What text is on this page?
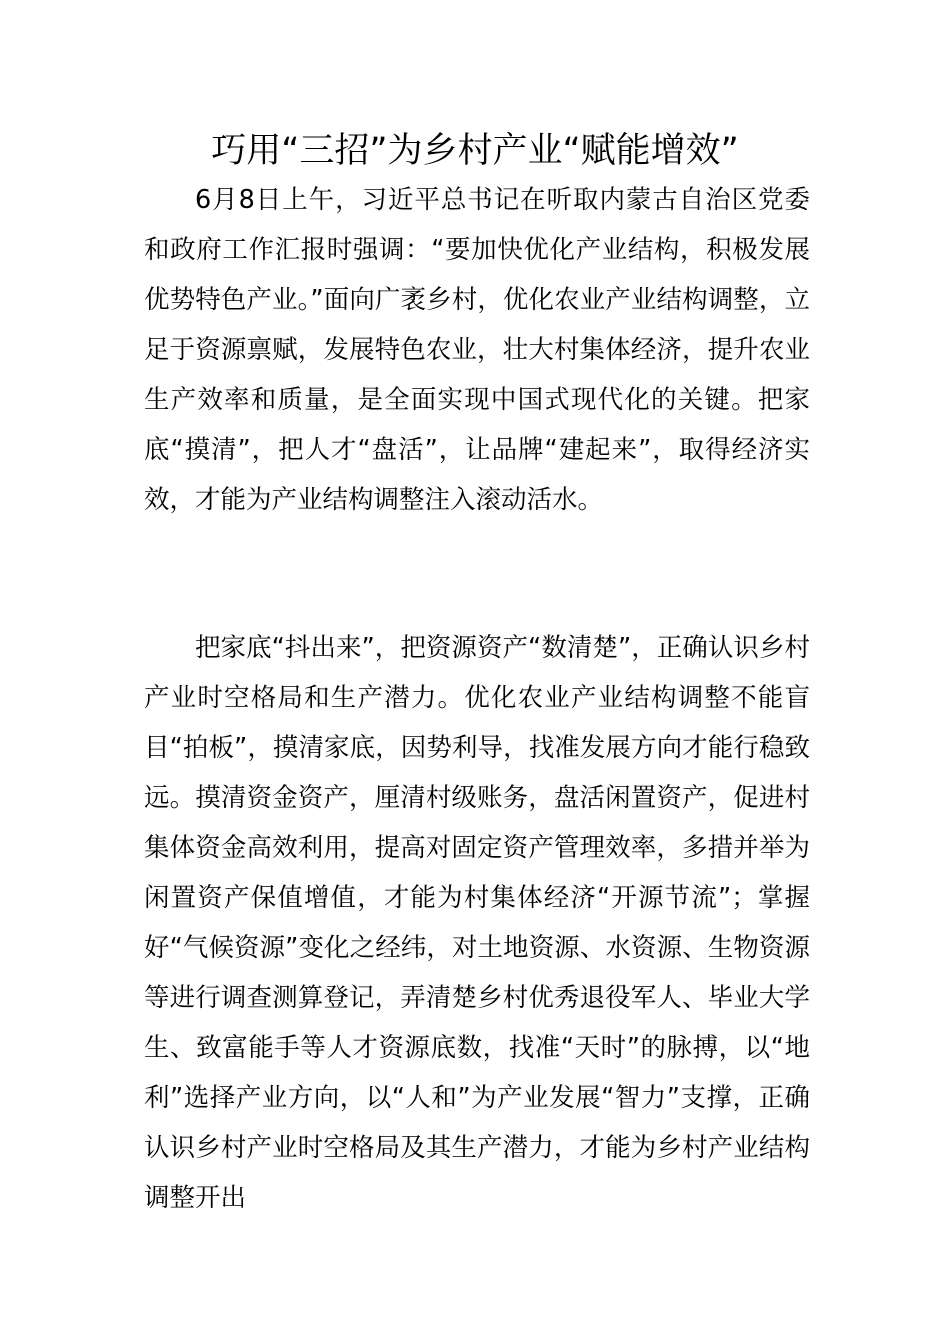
巧用“三招”为乡村产业“赋能增效”

6月8日上午，习近平总书记在听取内蒙古自治区党委和政府工作汇报时强调：“要加快优化产业结构，积极发展优势特色产业。”面向广袤乡村，优化农业产业结构调整，立足于资源禀赋，发展特色农业，壮大村集体经济，提升农业生产效率和质量，是全面实现中国式现代化的关键。把家底“摸清”，把人才“盘活”，让品牌“建起来”，取得经济实效，才能为产业结构调整注入滚动活水。

把家底“抖出来”，把资源资产“数清楚”，正确认识乡村产业时空格局和生产潜力。优化农业产业结构调整不能盲目“拍板”，摸清家底，因势利导，找准发展方向才能行稳致远。摸清资金资产，厘清村级账务，盘活闲置资产，促进村集体资金高效利用，提高对固定资产管理效率，多措并举为闲置资产保值增值，才能为村集体经济“开源节流”；掌握好“气候资源”变化之经纬，对土地资源、水资源、生物资源等进行调查测算登记，弄清楚乡村优秀退役军人、毕业大学生、致富能手等人才资源底数，找准“天时”的脉搏，以“地利”选择产业方向，以“人和”为产业发展“智力”支撑，正确认识乡村产业时空格局及其生产潜力，才能为乡村产业结构调整开出
